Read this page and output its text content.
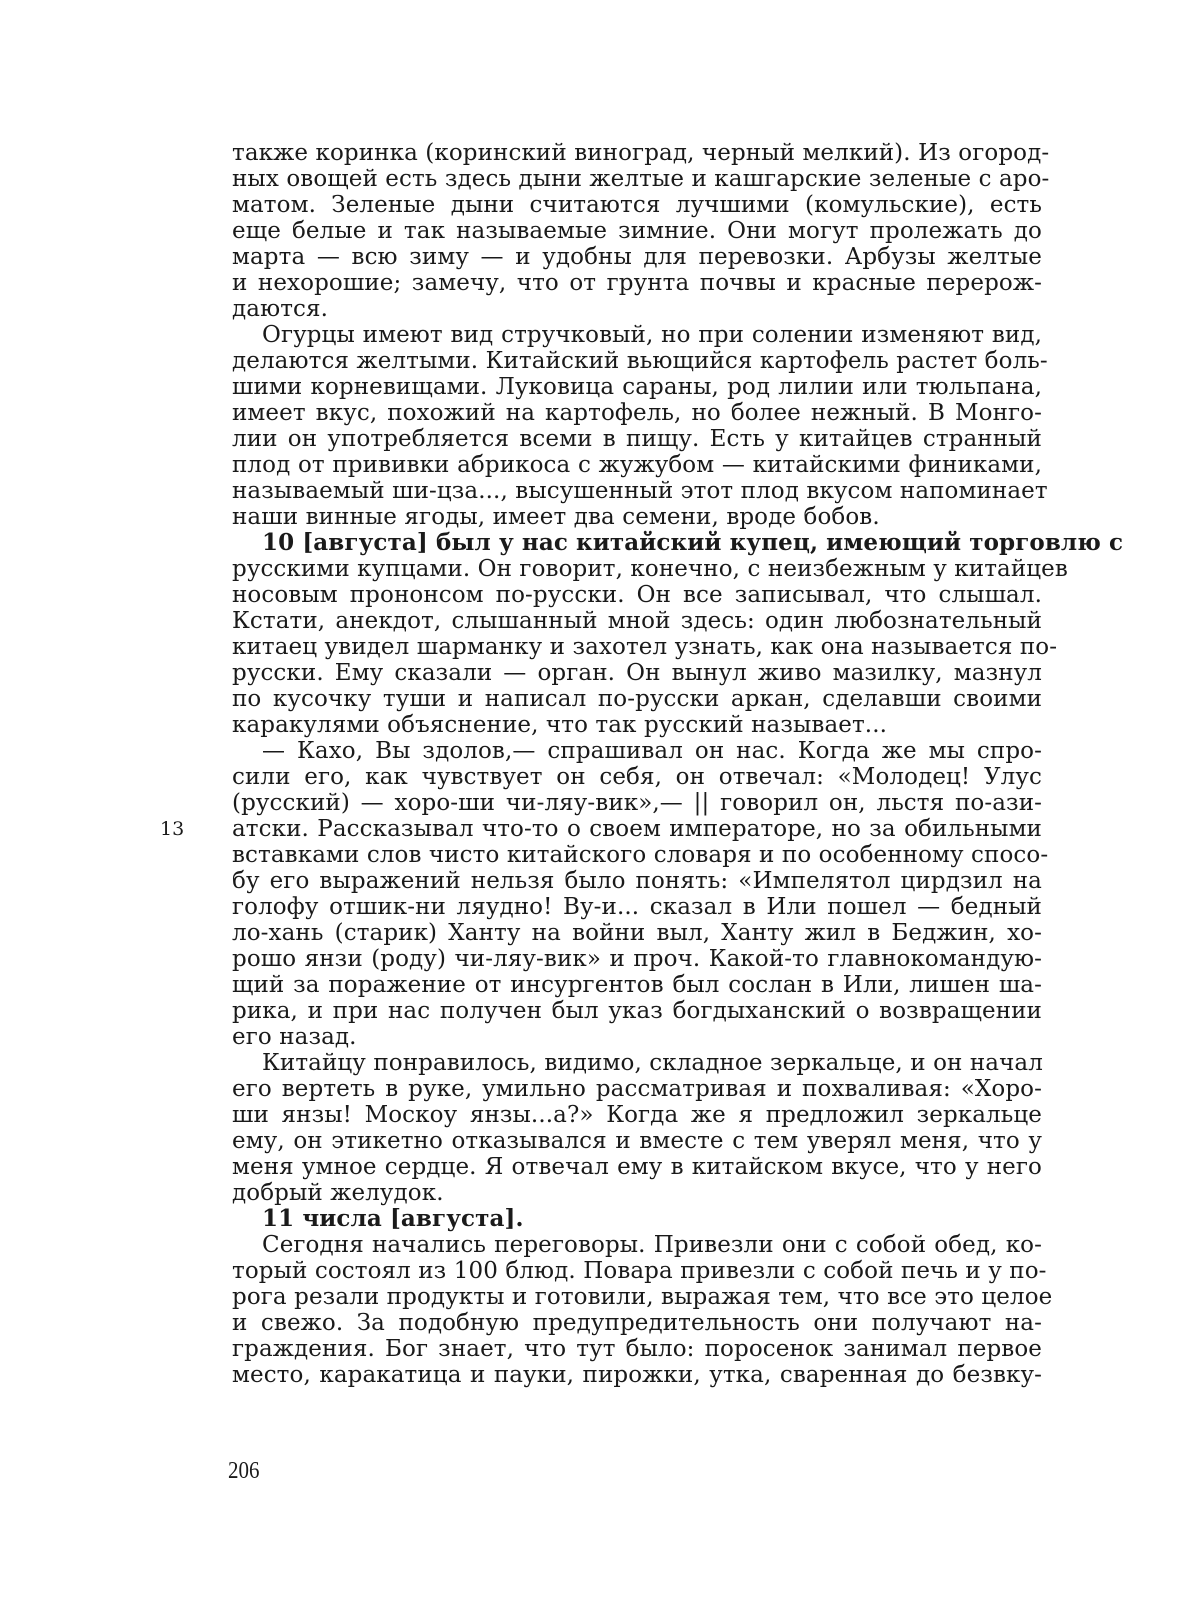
также коринка (коринский виноград, черный мелкий). Из огород-
ных овощей есть здесь дыни желтые и кашгарские зеленые с аро-
матом. Зеленые дыни считаются лучшими (комульские), есть
еще белые и так называемые зимние. Они могут пролежать до
марта — всю зиму — и удобны для перевозки. Арбузы желтые
и нехорошие; замечу, что от грунта почвы и красные перерож-
даются.
Огурцы имеют вид стручковый, но при солении изменяют вид,
делаются желтыми. Китайский вьющийся картофель растет боль-
шими корневищами. Луковица сараны, род лилии или тюльпана,
имеет вкус, похожий на картофель, но более нежный. В Монго-
лии он употребляется всеми в пищу. Есть у китайцев странный
плод от прививки абрикоса с жужубом — китайскими финиками,
называемый ши-цза..., высушенный этот плод вкусом напоминает
наши винные ягоды, имеет два семени, вроде бобов.
10 [августа] был у нас китайский купец, имеющий торговлю с
русскими купцами. Он говорит, конечно, с неизбежным у китайцев
носовым прононсом по-русски. Он все записывал, что слышал.
Кстати, анекдот, слышанный мной здесь: один любознательный
китаец увидел шарманку и захотел узнать, как она называется по-
русски. Ему сказали — орган. Он вынул живо мазилку, мазнул
по кусочку туши и написал по-русски аркан, сделавши своими
каракулями объяснение, что так русский называет...
— Кахо, Вы здолов,— спрашивал он нас. Когда же мы спро-
сили его, как чувствует он себя, он отвечал: «Молодец! Улус
(русский) — хоро-ши чи-ляу-вик»,— || говорил он, льстя по-ази-
атски. Рассказывал что-то о своем императоре, но за обильными
вставками слов чисто китайского словаря и по особенному спосо-
бу его выражений нельзя было понять: «Импелятол цирдзил на
голофу отшик-ни ляудно! Ву-и... сказал в Или пошел — бедный
ло-хань (старик) Ханту на войни выл, Ханту жил в Беджин, хо-
рошо янзи (роду) чи-ляу-вик» и проч. Какой-то главнокомандую-
щий за поражение от инсургентов был сослан в Или, лишен ша-
рика, и при нас получен был указ богдыханский о возвращении
его назад.
Китайцу понравилось, видимо, складное зеркальце, и он начал
его вертеть в руке, умильно рассматривая и похваливая: «Хоро-
ши янзы! Москоу янзы...а?» Когда же я предложил зеркальце
ему, он этикетно отказывался и вместе с тем уверял меня, что у
меня умное сердце. Я отвечал ему в китайском вкусе, что у него
добрый желудок.
11 числа [августа].
Сегодня начались переговоры. Привезли они с собой обед, ко-
торый состоял из 100 блюд. Повара привезли с собой печь и у по-
рога резали продукты и готовили, выражая тем, что все это целое
и свежо. За подобную предупредительность они получают на-
граждения. Бог знает, что тут было: поросенок занимал первое
место, каракатица и пауки, пирожки, утка, сваренная до безвку-
13
206
